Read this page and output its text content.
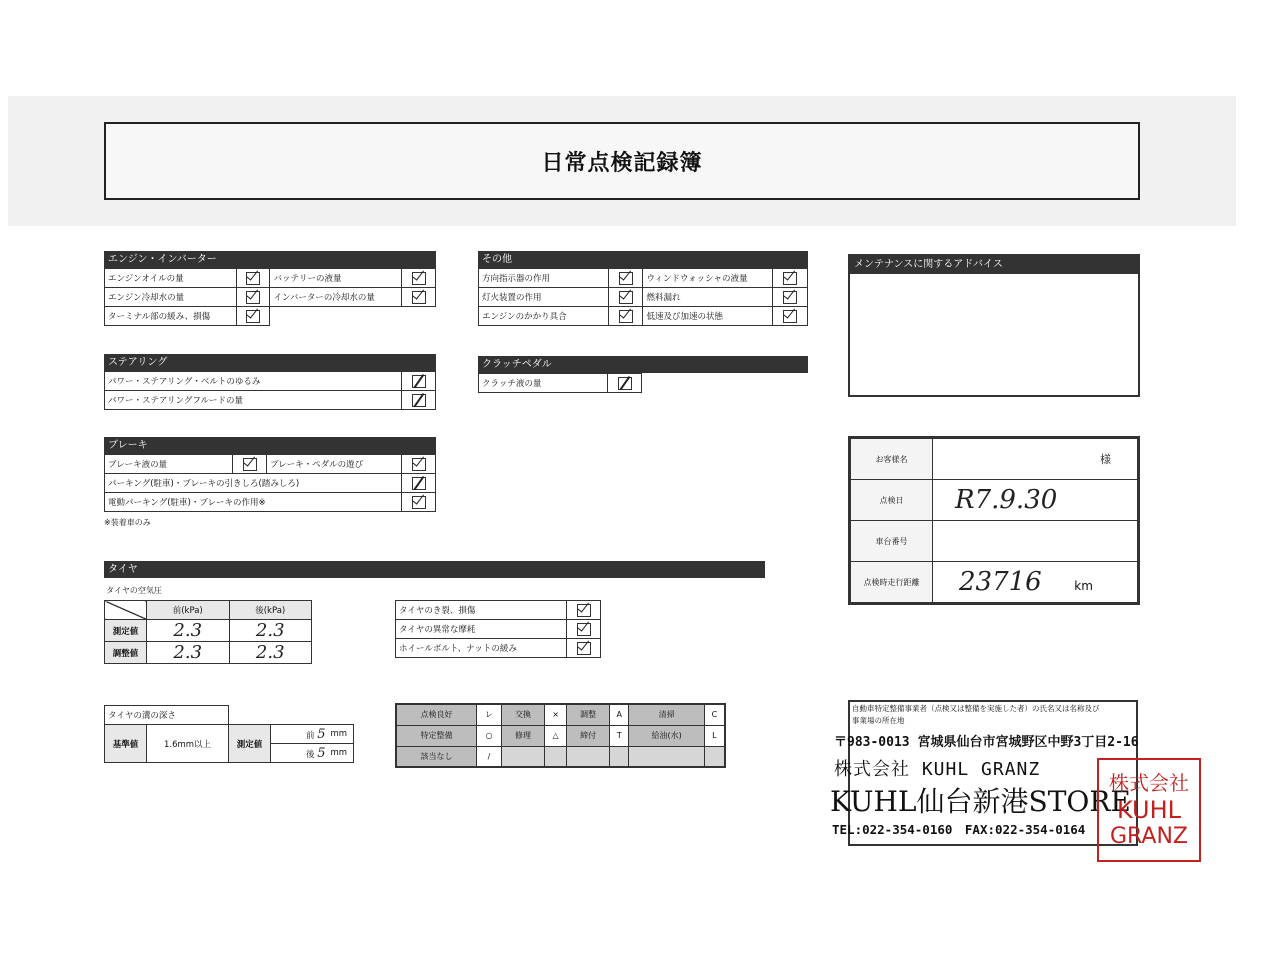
日常点検記録簿
エンジン・インバーター
エンジンオイルの量		バッテリーの液量	
エンジン冷却水の量		インバーターの冷却水の量	
ターミナル部の緩み、損傷			
その他
方向指示器の作用		ウィンドウォッシャの液量	
灯火装置の作用		燃料漏れ	
エンジンのかかり具合		低速及び加速の状態	
ステアリング
パワー・ステアリング・ベルトのゆるみ	
パワー・ステアリングフルードの量	
クラッチペダル
クラッチ液の量	
ブレーキ
ブレーキ液の量		ブレーキ・ペダルの遊び	
パーキング(駐車)・ブレーキの引きしろ(踏みしろ)			
電動パーキング(駐車)・ブレーキの作用※			
※装着車のみ
タイヤ
タイヤの空気圧
	前(kPa)	後(kPa)
測定値	2.3	2.3
調整値	2.3	2.3
タイヤのき裂、損傷	
タイヤの異常な摩耗	
ホイールボルト、ナットの緩み	
タイヤの溝の深さ				
基準値	1.6mm以上	測定値	前 5	mm
			後 5	mm
点検良好	レ	交換	×	調整	A	清掃	C
特定整備	○	修理	△	締付	T	給油(水)	L
該当なし	/						
メンテナンスに関するアドバイス
お客様名	様
点検日	R7.9.30
車台番号	
点検時走行距離	23716 km
自動車特定整備事業者（点検又は整備を実施した者）の氏名又は名称及び
事業場の所在地
〒983-0013 宮城県仙台市宮城野区中野3丁目2-16
株式会社 KUHL GRANZ
KUHL仙台新港STORE
TEL:022-354-0160　FAX:022-354-0164
株式会社
KUHL
GRANZ
